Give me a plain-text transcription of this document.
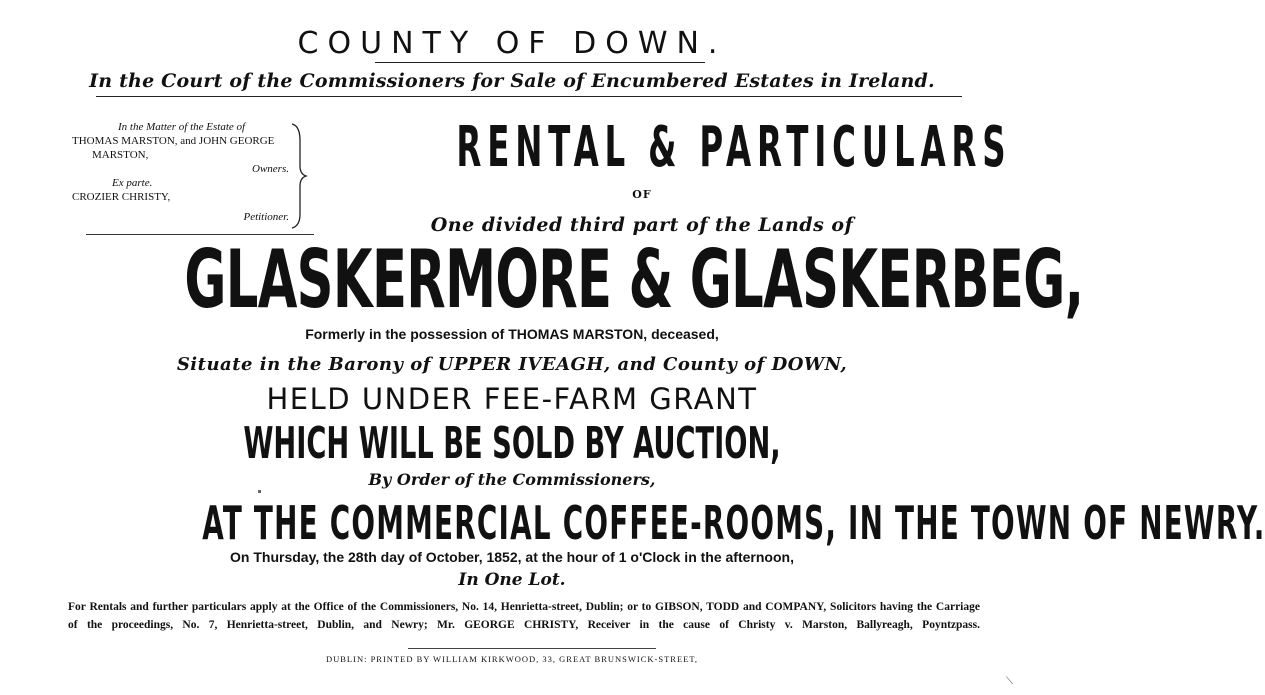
COUNTY OF DOWN.
In the Court of the Commissioners for Sale of Encumbered Estates in Ireland.
In the Matter of the Estate of
THOMAS MARSTON, and JOHN GEORGE
MARSTON,
Owners.
Ex parte.
CROZIER CHRISTY,
Petitioner.
RENTAL & PARTICULARS
OF
One divided third part of the Lands of
GLASKERMORE & GLASKERBEG,
Formerly in the possession of THOMAS MARSTON, deceased,
Situate in the Barony of UPPER IVEAGH, and County of DOWN,
HELD UNDER FEE-FARM GRANT
WHICH WILL BE SOLD BY AUCTION,
By Order of the Commissioners,
AT THE COMMERCIAL COFFEE-ROOMS, IN THE TOWN OF NEWRY.
On Thursday, the 28th day of October, 1852, at the hour of 1 o'Clock in the afternoon,
In One Lot.
For Rentals and further particulars apply at the Office of the Commissioners, No. 14, Henrietta-street, Dublin; or to GIBSON, TODD and COMPANY, Solicitors having the Carriage
of the proceedings, No. 7, Henrietta-street, Dublin, and Newry; Mr. GEORGE CHRISTY, Receiver in the cause of Christy v. Marston, Ballyreagh, Poyntzpass.
DUBLIN: PRINTED BY WILLIAM KIRKWOOD, 33, GREAT BRUNSWICK-STREET,
⟍
